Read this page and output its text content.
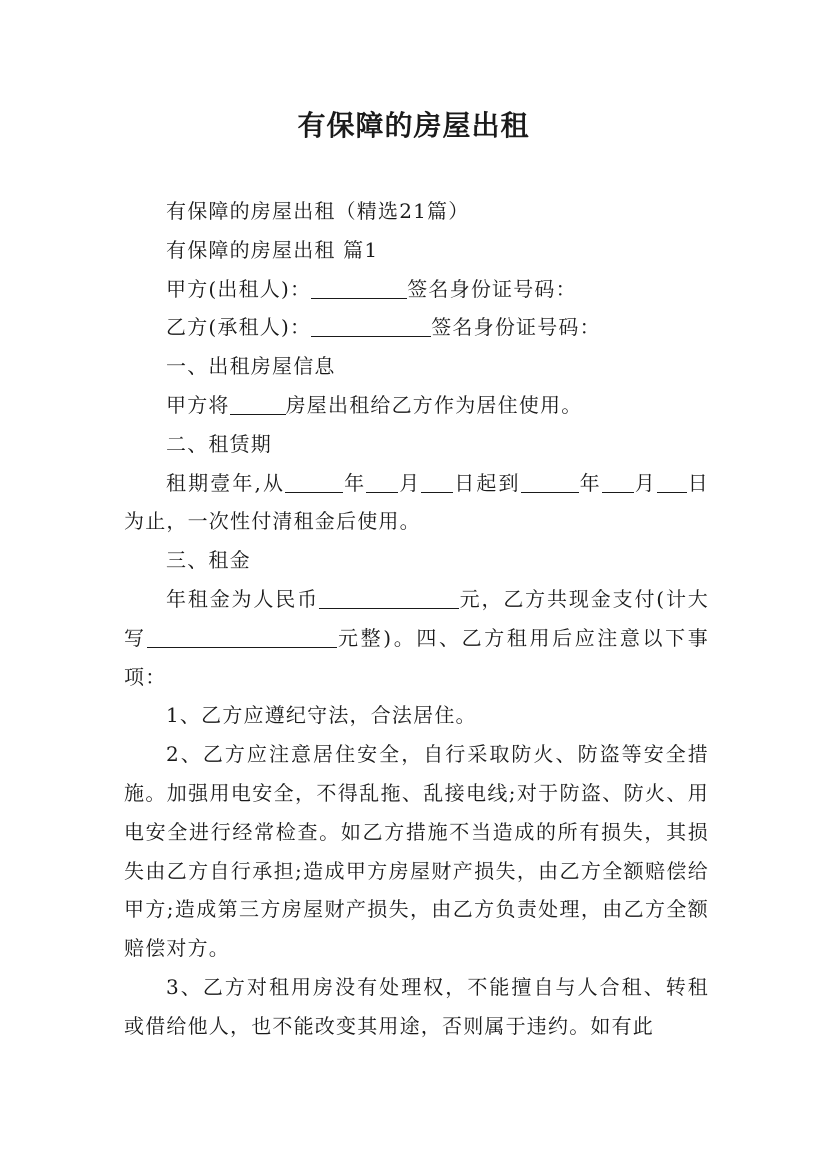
有保障的房屋出租

有保障的房屋出租（精选21篇）

有保障的房屋出租 篇1

甲方(出租人)：	签名身份证号码：

乙方(承租人)：	签名身份证号码：

一、出租房屋信息

甲方将	房屋出租给乙方作为居住使用。

二、租赁期

租期壹年,从	年 月 日起到	年 月 日为止，一次性付清租金后使用。

三、租金

年租金为人民币	元，乙方共现金支付(计大写	元整)。四、乙方租用后应注意以下事项：

1、乙方应遵纪守法，合法居住。

2、乙方应注意居住安全，自行采取防火、防盗等安全措施。加强用电安全，不得乱拖、乱接电线;对于防盗、防火、用电安全进行经常检查。如乙方措施不当造成的所有损失，其损失由乙方自行承担;造成甲方房屋财产损失，由乙方全额赔偿给甲方;造成第三方房屋财产损失，由乙方负责处理，由乙方全额赔偿对方。

3、乙方对租用房没有处理权，不能擅自与人合租、转租或借给他人，也不能改变其用途，否则属于违约。如有此
